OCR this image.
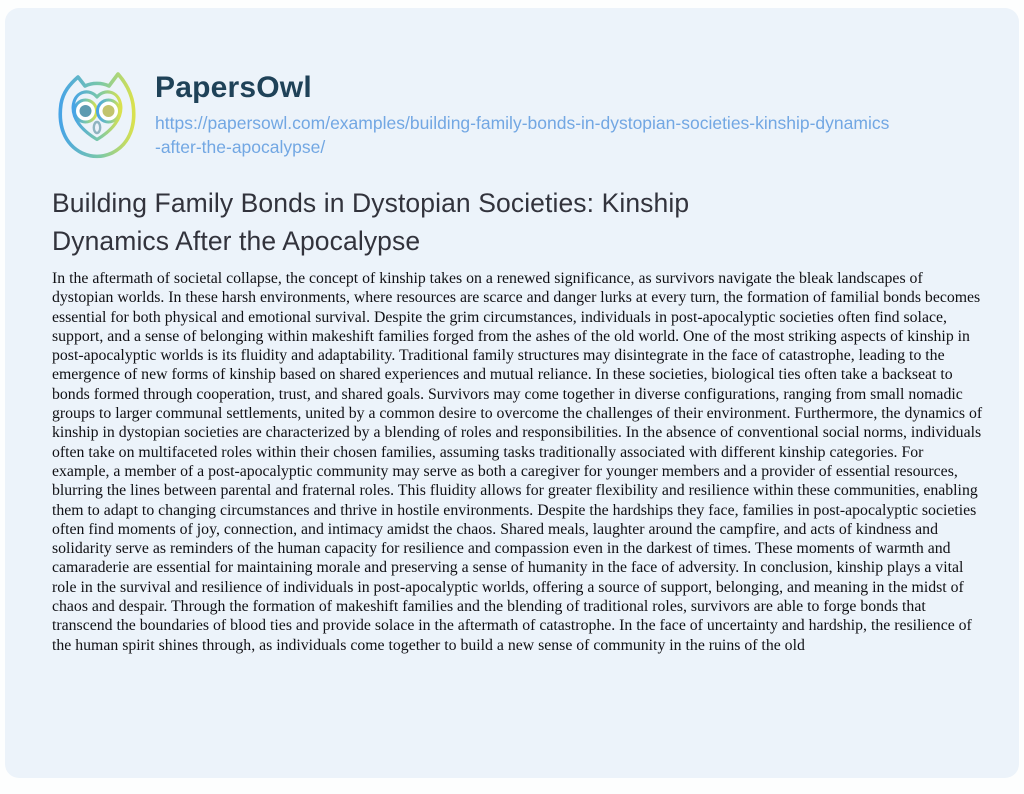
PapersOwl
https://papersowl.com/examples/building-family-bonds-in-dystopian-societies-kinship-dynamics-after-the-apocalypse/
Building Family Bonds in Dystopian Societies: Kinship Dynamics After the Apocalypse

In the aftermath of societal collapse, the concept of kinship takes on a renewed significance, as survivors navigate the bleak landscapes of dystopian worlds. In these harsh environments, where resources are scarce and danger lurks at every turn, the formation of familial bonds becomes essential for both physical and emotional survival. Despite the grim circumstances, individuals in post-apocalyptic societies often find solace, support, and a sense of belonging within makeshift families forged from the ashes of the old world. One of the most striking aspects of kinship in post-apocalyptic worlds is its fluidity and adaptability. Traditional family structures may disintegrate in the face of catastrophe, leading to the emergence of new forms of kinship based on shared experiences and mutual reliance. In these societies, biological ties often take a backseat to bonds formed through cooperation, trust, and shared goals. Survivors may come together in diverse configurations, ranging from small nomadic groups to larger communal settlements, united by a common desire to overcome the challenges of their environment. Furthermore, the dynamics of kinship in dystopian societies are characterized by a blending of roles and responsibilities. In the absence of conventional social norms, individuals often take on multifaceted roles within their chosen families, assuming tasks traditionally associated with different kinship categories. For example, a member of a post-apocalyptic community may serve as both a caregiver for younger members and a provider of essential resources, blurring the lines between parental and fraternal roles. This fluidity allows for greater flexibility and resilience within these communities, enabling them to adapt to changing circumstances and thrive in hostile environments. Despite the hardships they face, families in post-apocalyptic societies often find moments of joy, connection, and intimacy amidst the chaos. Shared meals, laughter around the campfire, and acts of kindness and solidarity serve as reminders of the human capacity for resilience and compassion even in the darkest of times. These moments of warmth and camaraderie are essential for maintaining morale and preserving a sense of humanity in the face of adversity. In conclusion, kinship plays a vital role in the survival and resilience of individuals in post-apocalyptic worlds, offering a source of support, belonging, and meaning in the midst of chaos and despair. Through the formation of makeshift families and the blending of traditional roles, survivors are able to forge bonds that transcend the boundaries of blood ties and provide solace in the aftermath of catastrophe. In the face of uncertainty and hardship, the resilience of the human spirit shines through, as individuals come together to build a new sense of community in the ruins of the old
